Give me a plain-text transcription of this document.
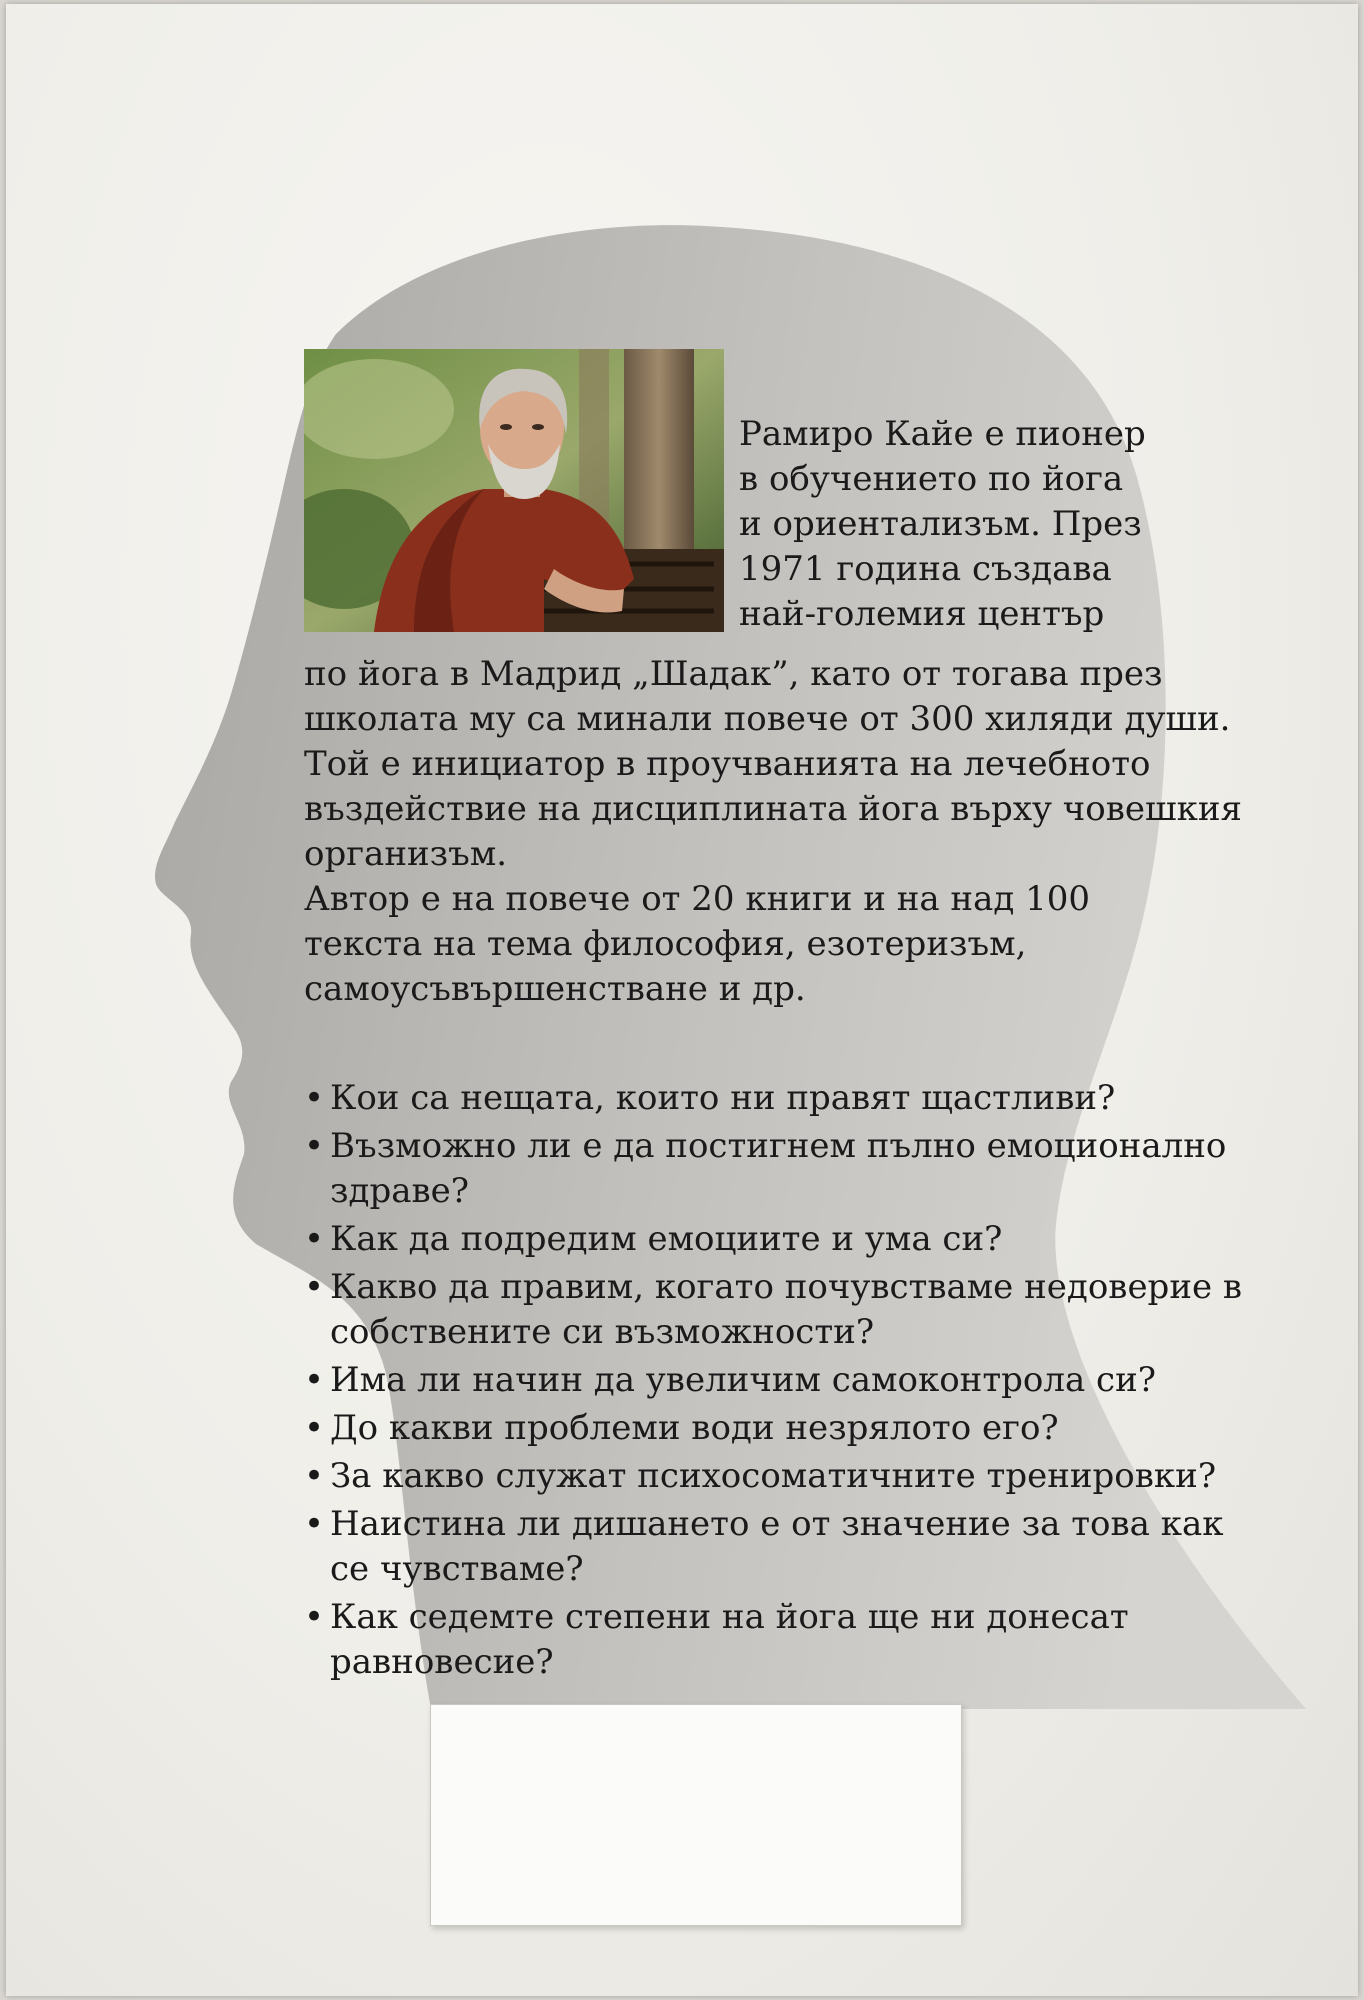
Рамиро Кайе е пионер
в обучението по йога
и ориентализъм. През
1971 година създава
най-големия център
по йога в Мадрид „Шадак”, като от тогава през
школата му са минали повече от 300 хиляди души.
Той е инициатор в проучванията на лечебното
въздействие на дисциплината йога върху човешкия
организъм.
Автор е на повече от 20 книги и на над 100
текста на тема философия, езотеризъм,
самоусъвършенстване и др.
• Кои са нещата, които ни правят щастливи?
• Възможно ли е да постигнем пълно емоционално
здраве?
• Как да подредим емоциите и ума си?
• Какво да правим, когато почувстваме недоверие в
собствените си възможности?
• Има ли начин да увеличим самоконтрола си?
• До какви проблеми води незрялото его?
• За какво служат психосоматичните тренировки?
• Наистина ли дишането е от значение за това как
се чувстваме?
• Как седемте степени на йога ще ни донесат
равновесие?
